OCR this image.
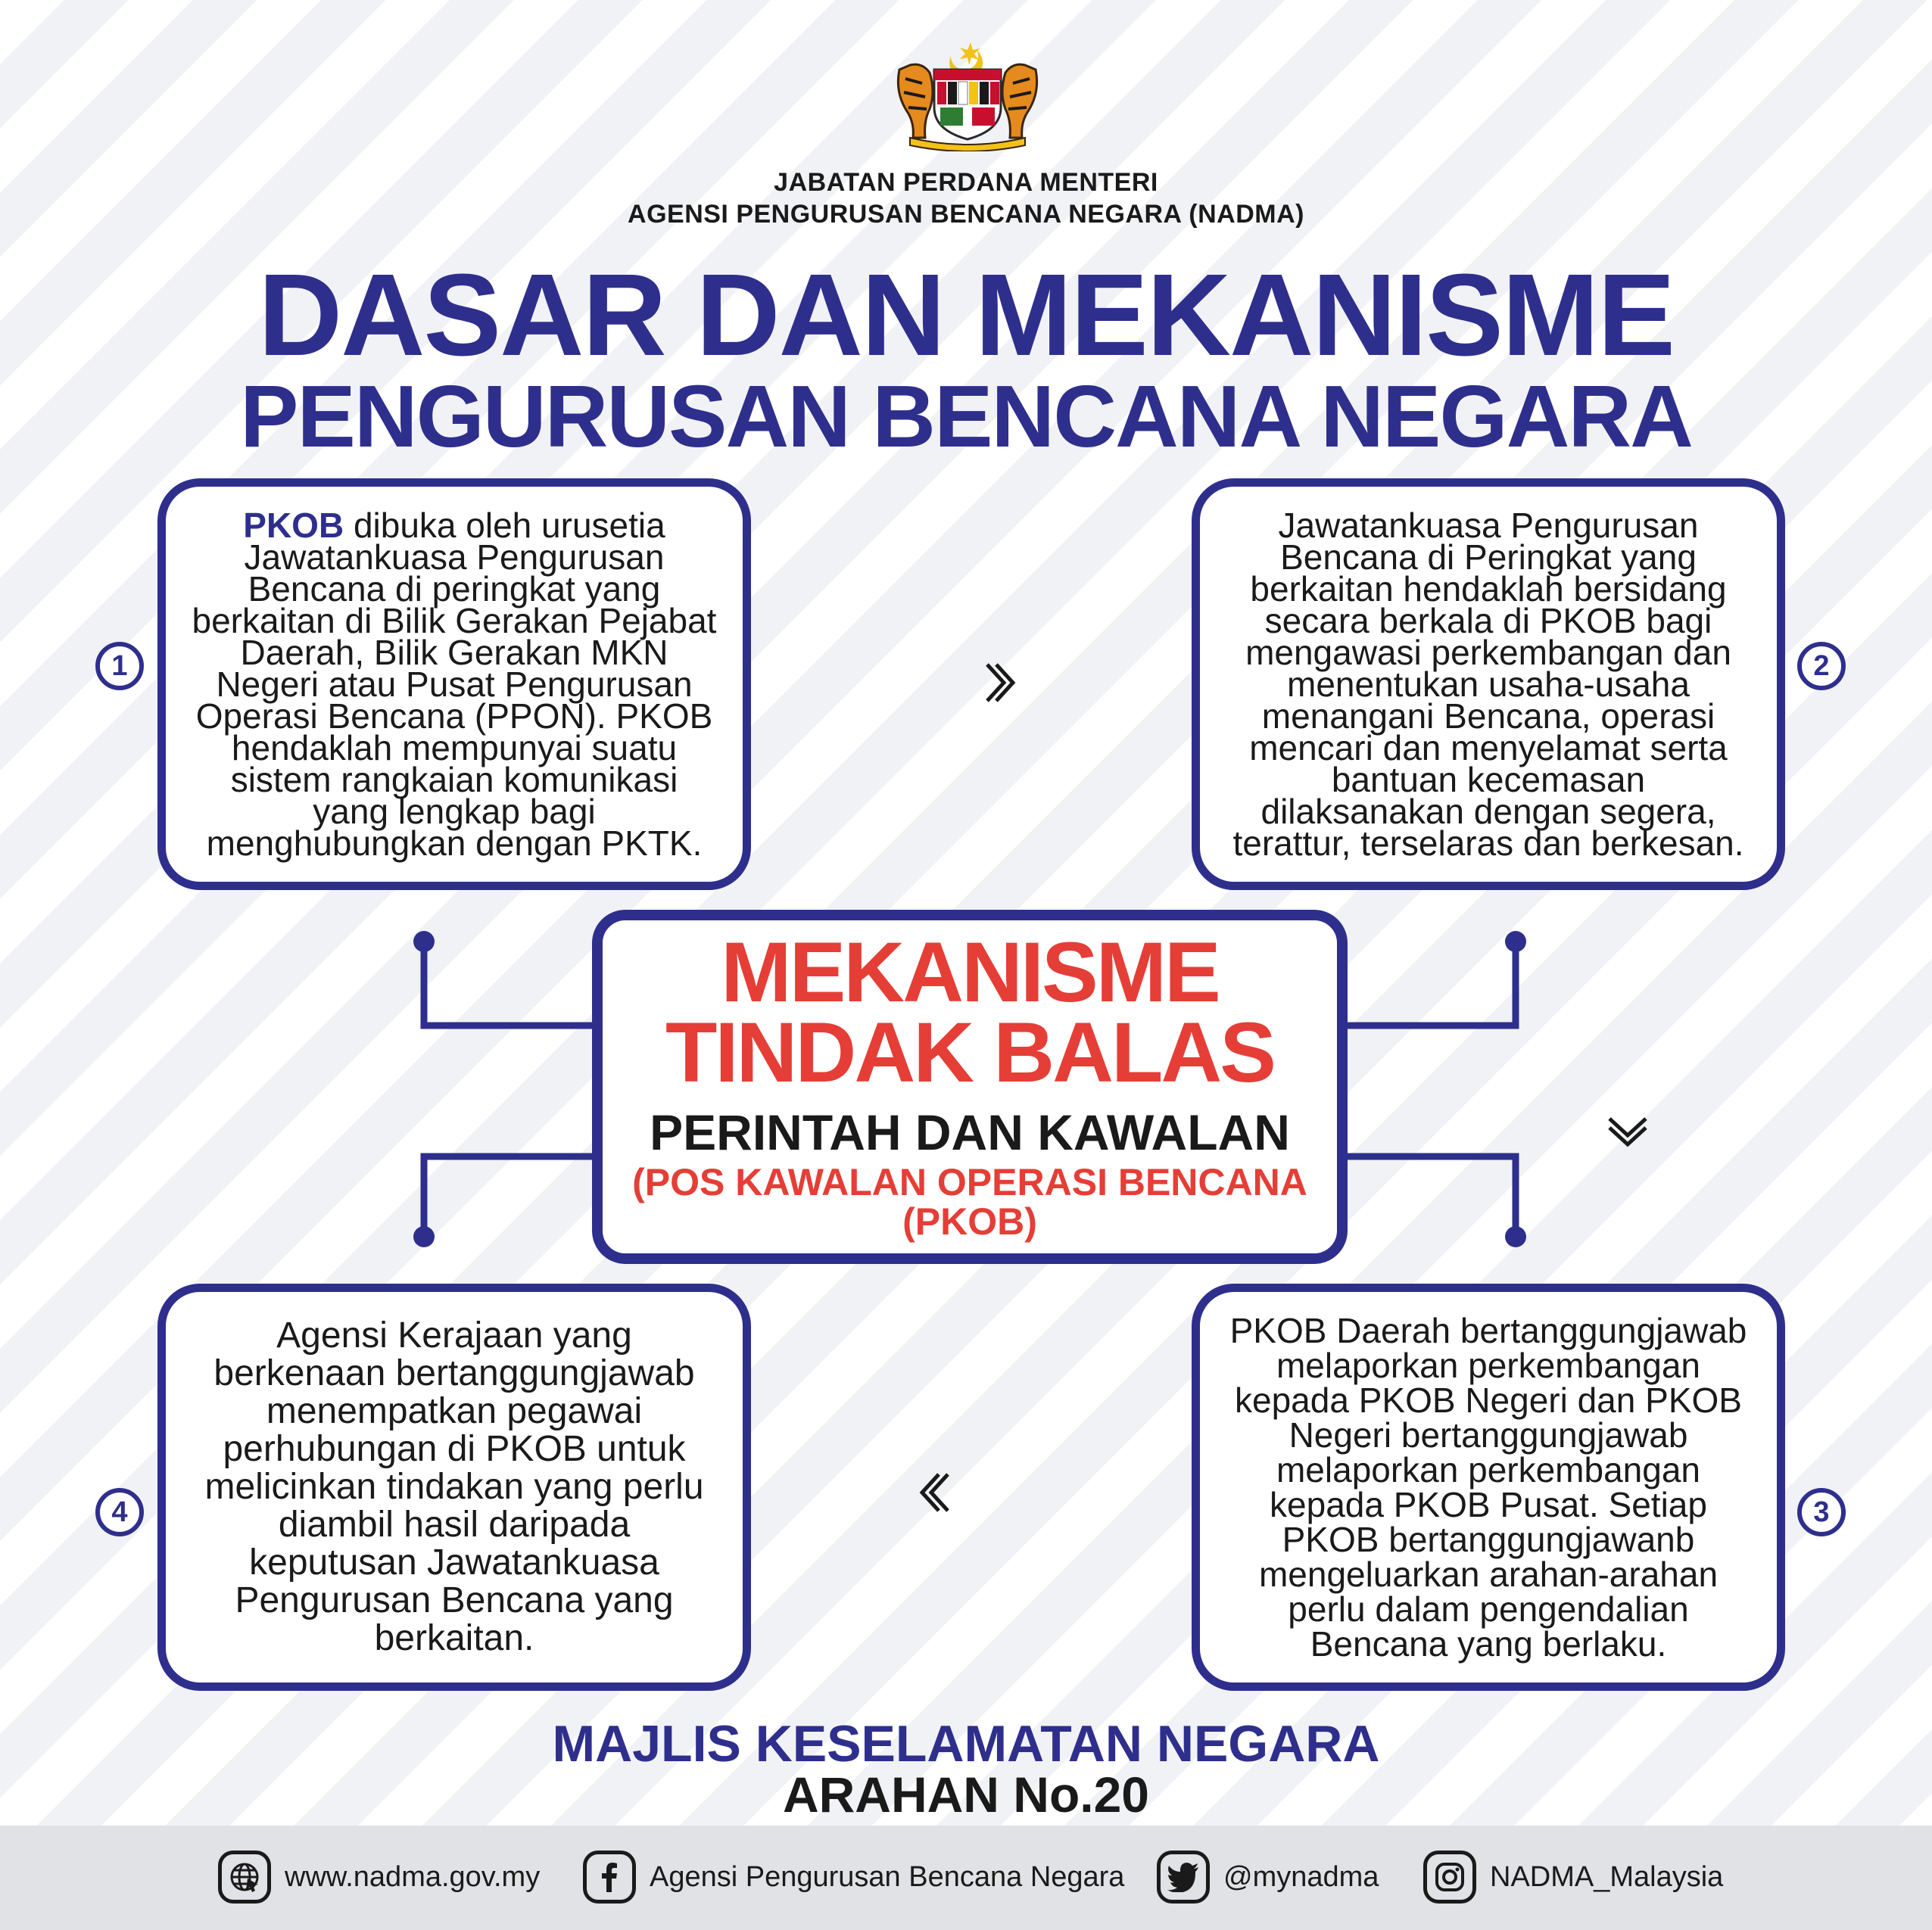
JABATAN PERDANA MENTERI
AGENSI PENGURUSAN BENCANA NEGARA (NADMA)
DASAR DAN MEKANISME
PENGURUSAN BENCANA NEGARA
PKOB dibuka oleh urusetia Jawatankuasa Pengurusan Bencana di peringkat yang berkaitan di Bilik Gerakan Pejabat Daerah, Bilik Gerakan MKN Negeri atau Pusat Pengurusan Operasi Bencana (PPON). PKOB hendaklah mempunyai suatu sistem rangkaian komunikasi yang lengkap bagi menghubungkan dengan PKTK.
Jawatankuasa Pengurusan Bencana di Peringkat yang berkaitan hendaklah bersidang secara berkala di PKOB bagi mengawasi perkembangan dan menentukan usaha-usaha menangani Bencana, operasi mencari dan menyelamat serta bantuan kecemasan dilaksanakan dengan segera, terattur, terselaras dan berkesan.
PKOB Daerah bertanggungjawab melaporkan perkembangan kepada PKOB Negeri dan PKOB Negeri bertanggungjawab melaporkan perkembangan kepada PKOB Pusat. Setiap PKOB bertanggungjawanb mengeluarkan arahan-arahan perlu dalam pengendalian Bencana yang berlaku.
Agensi Kerajaan yang berkenaan bertanggungjawab menempatkan pegawai perhubungan di PKOB untuk melicinkan tindakan yang perlu diambil hasil daripada keputusan Jawatankuasa Pengurusan Bencana yang berkaitan.
1	2
3
4
MEKANISME
TINDAK BALAS
PERINTAH DAN KAWALAN
(POS KAWALAN OPERASI BENCANA
(PKOB)
MAJLIS KESELAMATAN NEGARA
ARAHAN No.20
www.nadma.gov.my	Agensi Pengurusan Bencana Negara	@mynadma	NADMA_Malaysia
